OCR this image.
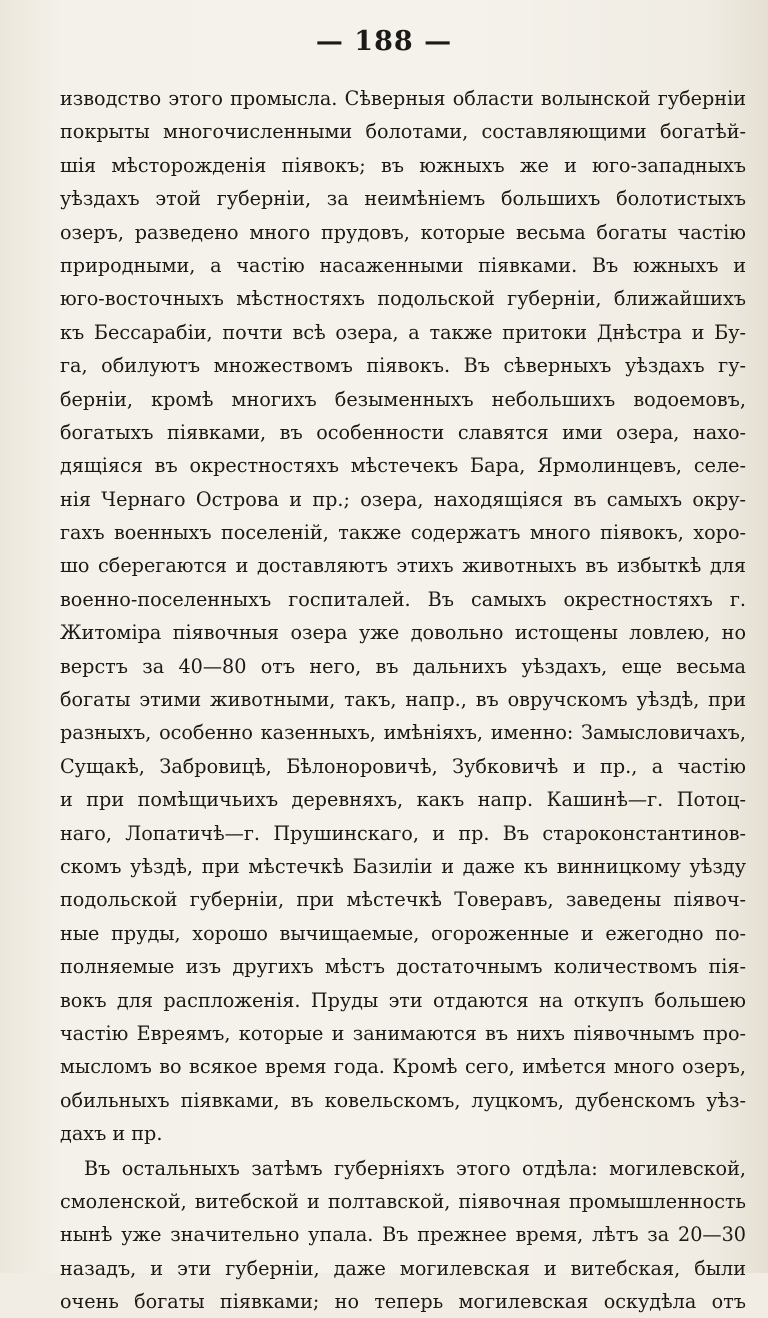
— 188 —
изводство этого промысла. Сѣверныя области волынской губерніи
покрыты многочисленными болотами, составляющими богатѣй-
шія мѣсторожденія піявокъ; въ южныхъ же и юго-западныхъ
уѣздахъ этой губерніи, за неимѣніемъ большихъ болотистыхъ
озеръ, разведено много прудовъ, которые весьма богаты частію
природными, а частію насаженными піявками. Въ южныхъ и
юго-восточныхъ мѣстностяхъ подольской губерніи, ближайшихъ
къ Бессарабіи, почти всѣ озера, а также притоки Днѣстра и Бу-
га, обилуютъ множествомъ піявокъ. Въ сѣверныхъ уѣздахъ гу-
берніи, кромѣ многихъ безыменныхъ небольшихъ водоемовъ,
богатыхъ піявками, въ особенности славятся ими озера, нахо-
дящіяся въ окрестностяхъ мѣстечекъ Бара, Ярмолинцевъ, селе-
нія Чернаго Острова и пр.; озера, находящіяся въ самыхъ окру-
гахъ военныхъ поселеній, также содержатъ много піявокъ, хоро-
шо сберегаются и доставляютъ этихъ животныхъ въ избыткѣ для
военно-поселенныхъ госпиталей. Въ самыхъ окрестностяхъ г.
Житоміра піявочныя озера уже довольно истощены ловлею, но
верстъ за 40—80 отъ него, въ дальнихъ уѣздахъ, еще весьма
богаты этими животными, такъ, напр., въ овручскомъ уѣздѣ, при
разныхъ, особенно казенныхъ, имѣніяхъ, именно: Замысловичахъ,
Сущакѣ, Забровицѣ, Бѣлоноровичѣ, Зубковичѣ и пр., а частію
и при помѣщичьихъ деревняхъ, какъ напр. Кашинѣ—г. Потоц-
наго, Лопатичѣ—г. Прушинскаго, и пр. Въ староконстантинов-
скомъ уѣздѣ, при мѣстечкѣ Базиліи и даже къ винницкому уѣзду
подольской губерніи, при мѣстечкѣ Товеравъ, заведены піявоч-
ные пруды, хорошо вычищаемые, огороженные и ежегодно по-
полняемые изъ другихъ мѣстъ достаточнымъ количествомъ пія-
вокъ для распложенія. Пруды эти отдаются на откупъ большею
частію Евреямъ, которые и занимаются въ нихъ піявочнымъ про-
мысломъ во всякое время года. Кромѣ сего, имѣется много озеръ,
обильныхъ піявками, въ ковельскомъ, луцкомъ, дубенскомъ уѣз-
дахъ и пр.
Въ остальныхъ затѣмъ губерніяхъ этого отдѣла: могилевской,
смоленской, витебской и полтавской, піявочная промышленность
нынѣ уже значительно упала. Въ прежнее время, лѣтъ за 20—30
назадъ, и эти губерніи, даже могилевская и витебская, были
очень богаты піявками; но теперь могилевская оскудѣла отъ
